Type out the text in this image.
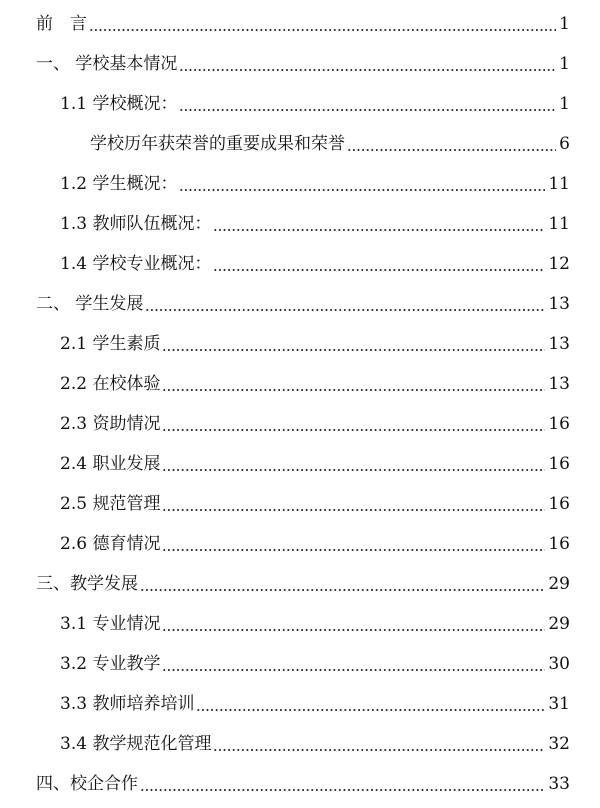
前　言	1
一、 学校基本情况	1
1.1 学校概况：	1
学校历年获荣誉的重要成果和荣誉	6
1.2 学生概况：	11
1.3 教师队伍概况：	11
1.4 学校专业概况：	12
二、 学生发展	13
2.1 学生素质	13
2.2 在校体验	13
2.3 资助情况	16
2.4 职业发展	16
2.5 规范管理	16
2.6 德育情况	16
三、教学发展	29
3.1 专业情况	29
3.2 专业教学	30
3.3 教师培养培训	31
3.4 教学规范化管理	32
四、校企合作	33
